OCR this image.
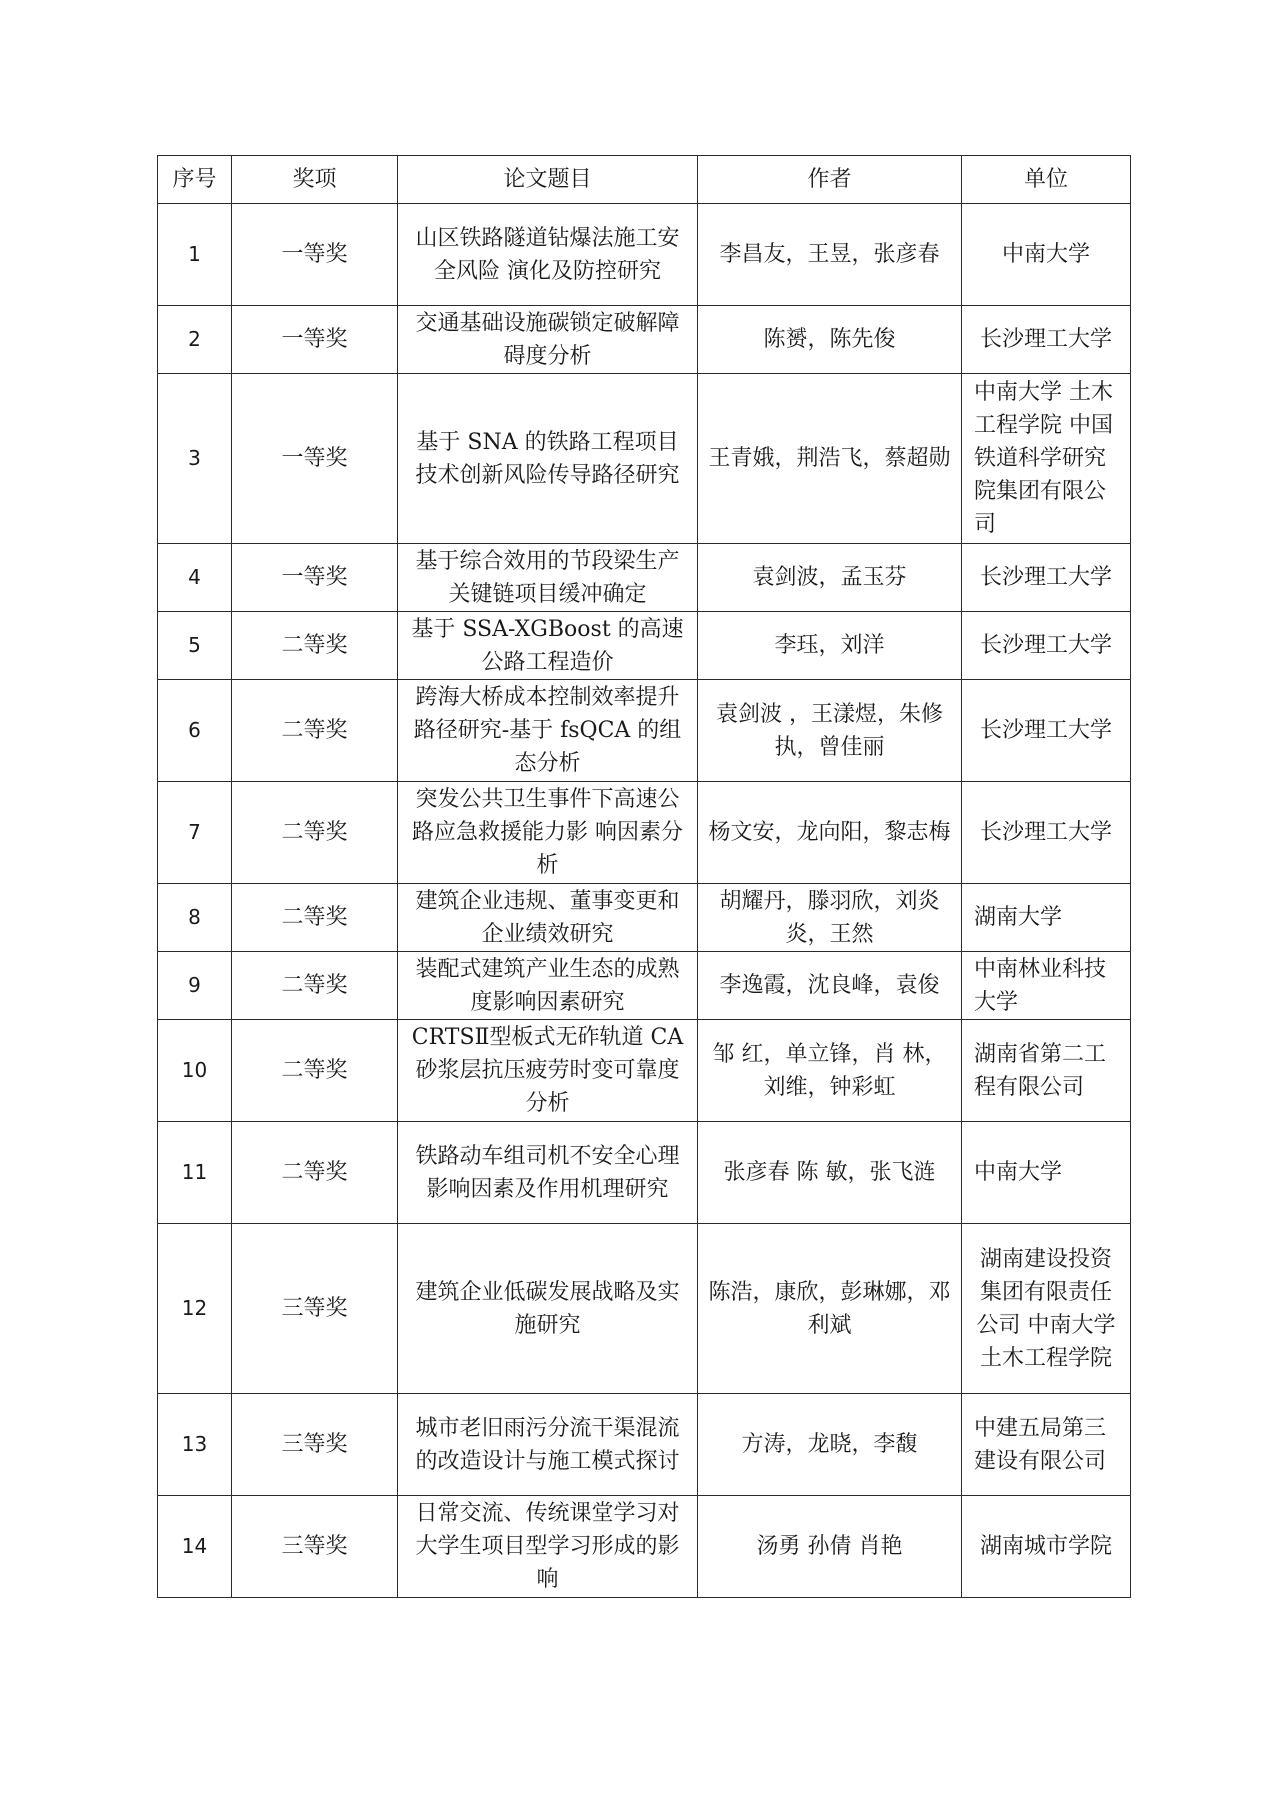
序号	奖项	论文题目	作者	单位
1	一等奖	山区铁路隧道钻爆法施工安全风险 演化及防控研究	李昌友，王昱，张彦春	中南大学
2	一等奖	交通基础设施碳锁定破解障碍度分析	陈赟，陈先俊	长沙理工大学
3	一等奖	基于 SNA 的铁路工程项目技术创新风险传导路径研究	王青娥，荆浩飞，蔡超勋	中南大学 土木工程学院 中国铁道科学研究院集团有限公司
4	一等奖	基于综合效用的节段梁生产关键链项目缓冲确定	袁剑波，孟玉芬	长沙理工大学
5	二等奖	基于 SSA-XGBoost 的高速公路工程造价	李珏，刘洋	长沙理工大学
6	二等奖	跨海大桥成本控制效率提升路径研究-基于 fsQCA 的组态分析	袁剑波 ，王漾煜，朱修执，曾佳丽	长沙理工大学
7	二等奖	突发公共卫生事件下高速公路应急救援能力影 响因素分析	杨文安，龙向阳，黎志梅	长沙理工大学
8	二等奖	建筑企业违规、董事变更和企业绩效研究	胡耀丹，滕羽欣，刘炎炎，王然	湖南大学
9	二等奖	装配式建筑产业生态的成熟度影响因素研究	李逸霞，沈良峰，袁俊	中南林业科技大学
10	二等奖	CRTSⅡ型板式无砟轨道 CA 砂浆层抗压疲劳时变可靠度分析	邹 红，单立锋，肖 林，刘维，钟彩虹	湖南省第二工程有限公司
11	二等奖	铁路动车组司机不安全心理影响因素及作用机理研究	张彦春 陈 敏，张飞涟	中南大学
12	三等奖	建筑企业低碳发展战略及实施研究	陈浩，康欣，彭琳娜，邓利斌	湖南建设投资集团有限责任公司 中南大学土木工程学院
13	三等奖	城市老旧雨污分流干渠混流的改造设计与施工模式探讨	方涛，龙晓，李馥	中建五局第三建设有限公司
14	三等奖	日常交流、传统课堂学习对大学生项目型学习形成的影响	汤勇 孙倩 肖艳	湖南城市学院
